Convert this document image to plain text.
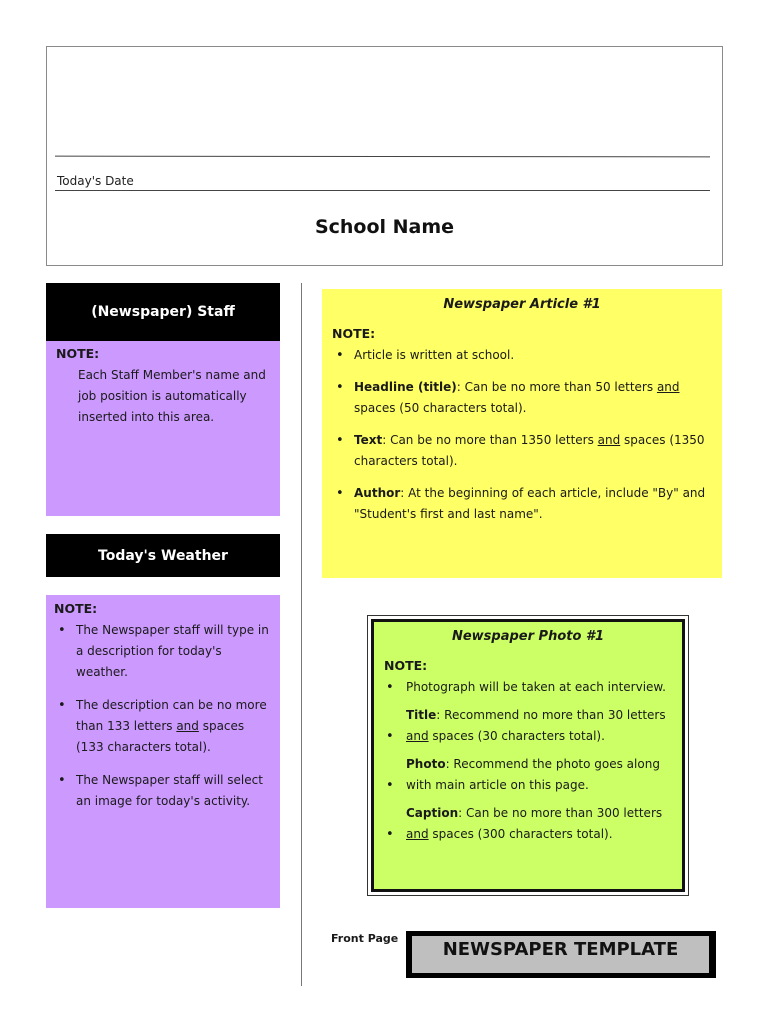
Today's Date
School Name
(Newspaper) Staff
NOTE:
Each Staff Member's name and job position is automatically inserted into this area.
Today's Weather
NOTE:
• The Newspaper staff will type in a description for today's weather.
• The description can be no more than 133 letters and spaces (133 characters total).
• The Newspaper staff will select an image for today's activity.
Newspaper Article #1
NOTE:
• Article is written at school.
• Headline (title): Can be no more than 50 letters and spaces (50 characters total).
• Text: Can be no more than 1350 letters and spaces (1350 characters total).
• Author: At the beginning of each article, include "By" and "Student's first and last name".
Newspaper Photo #1
NOTE:
• Photograph will be taken at each interview.
•
Title: Recommend no more than 30 letters
and spaces (30 characters total).
•
Photo: Recommend the photo goes along with main article on this page.
•
Caption: Can be no more than 300 letters
and spaces (300 characters total).
Front Page
NEWSPAPER TEMPLATE
